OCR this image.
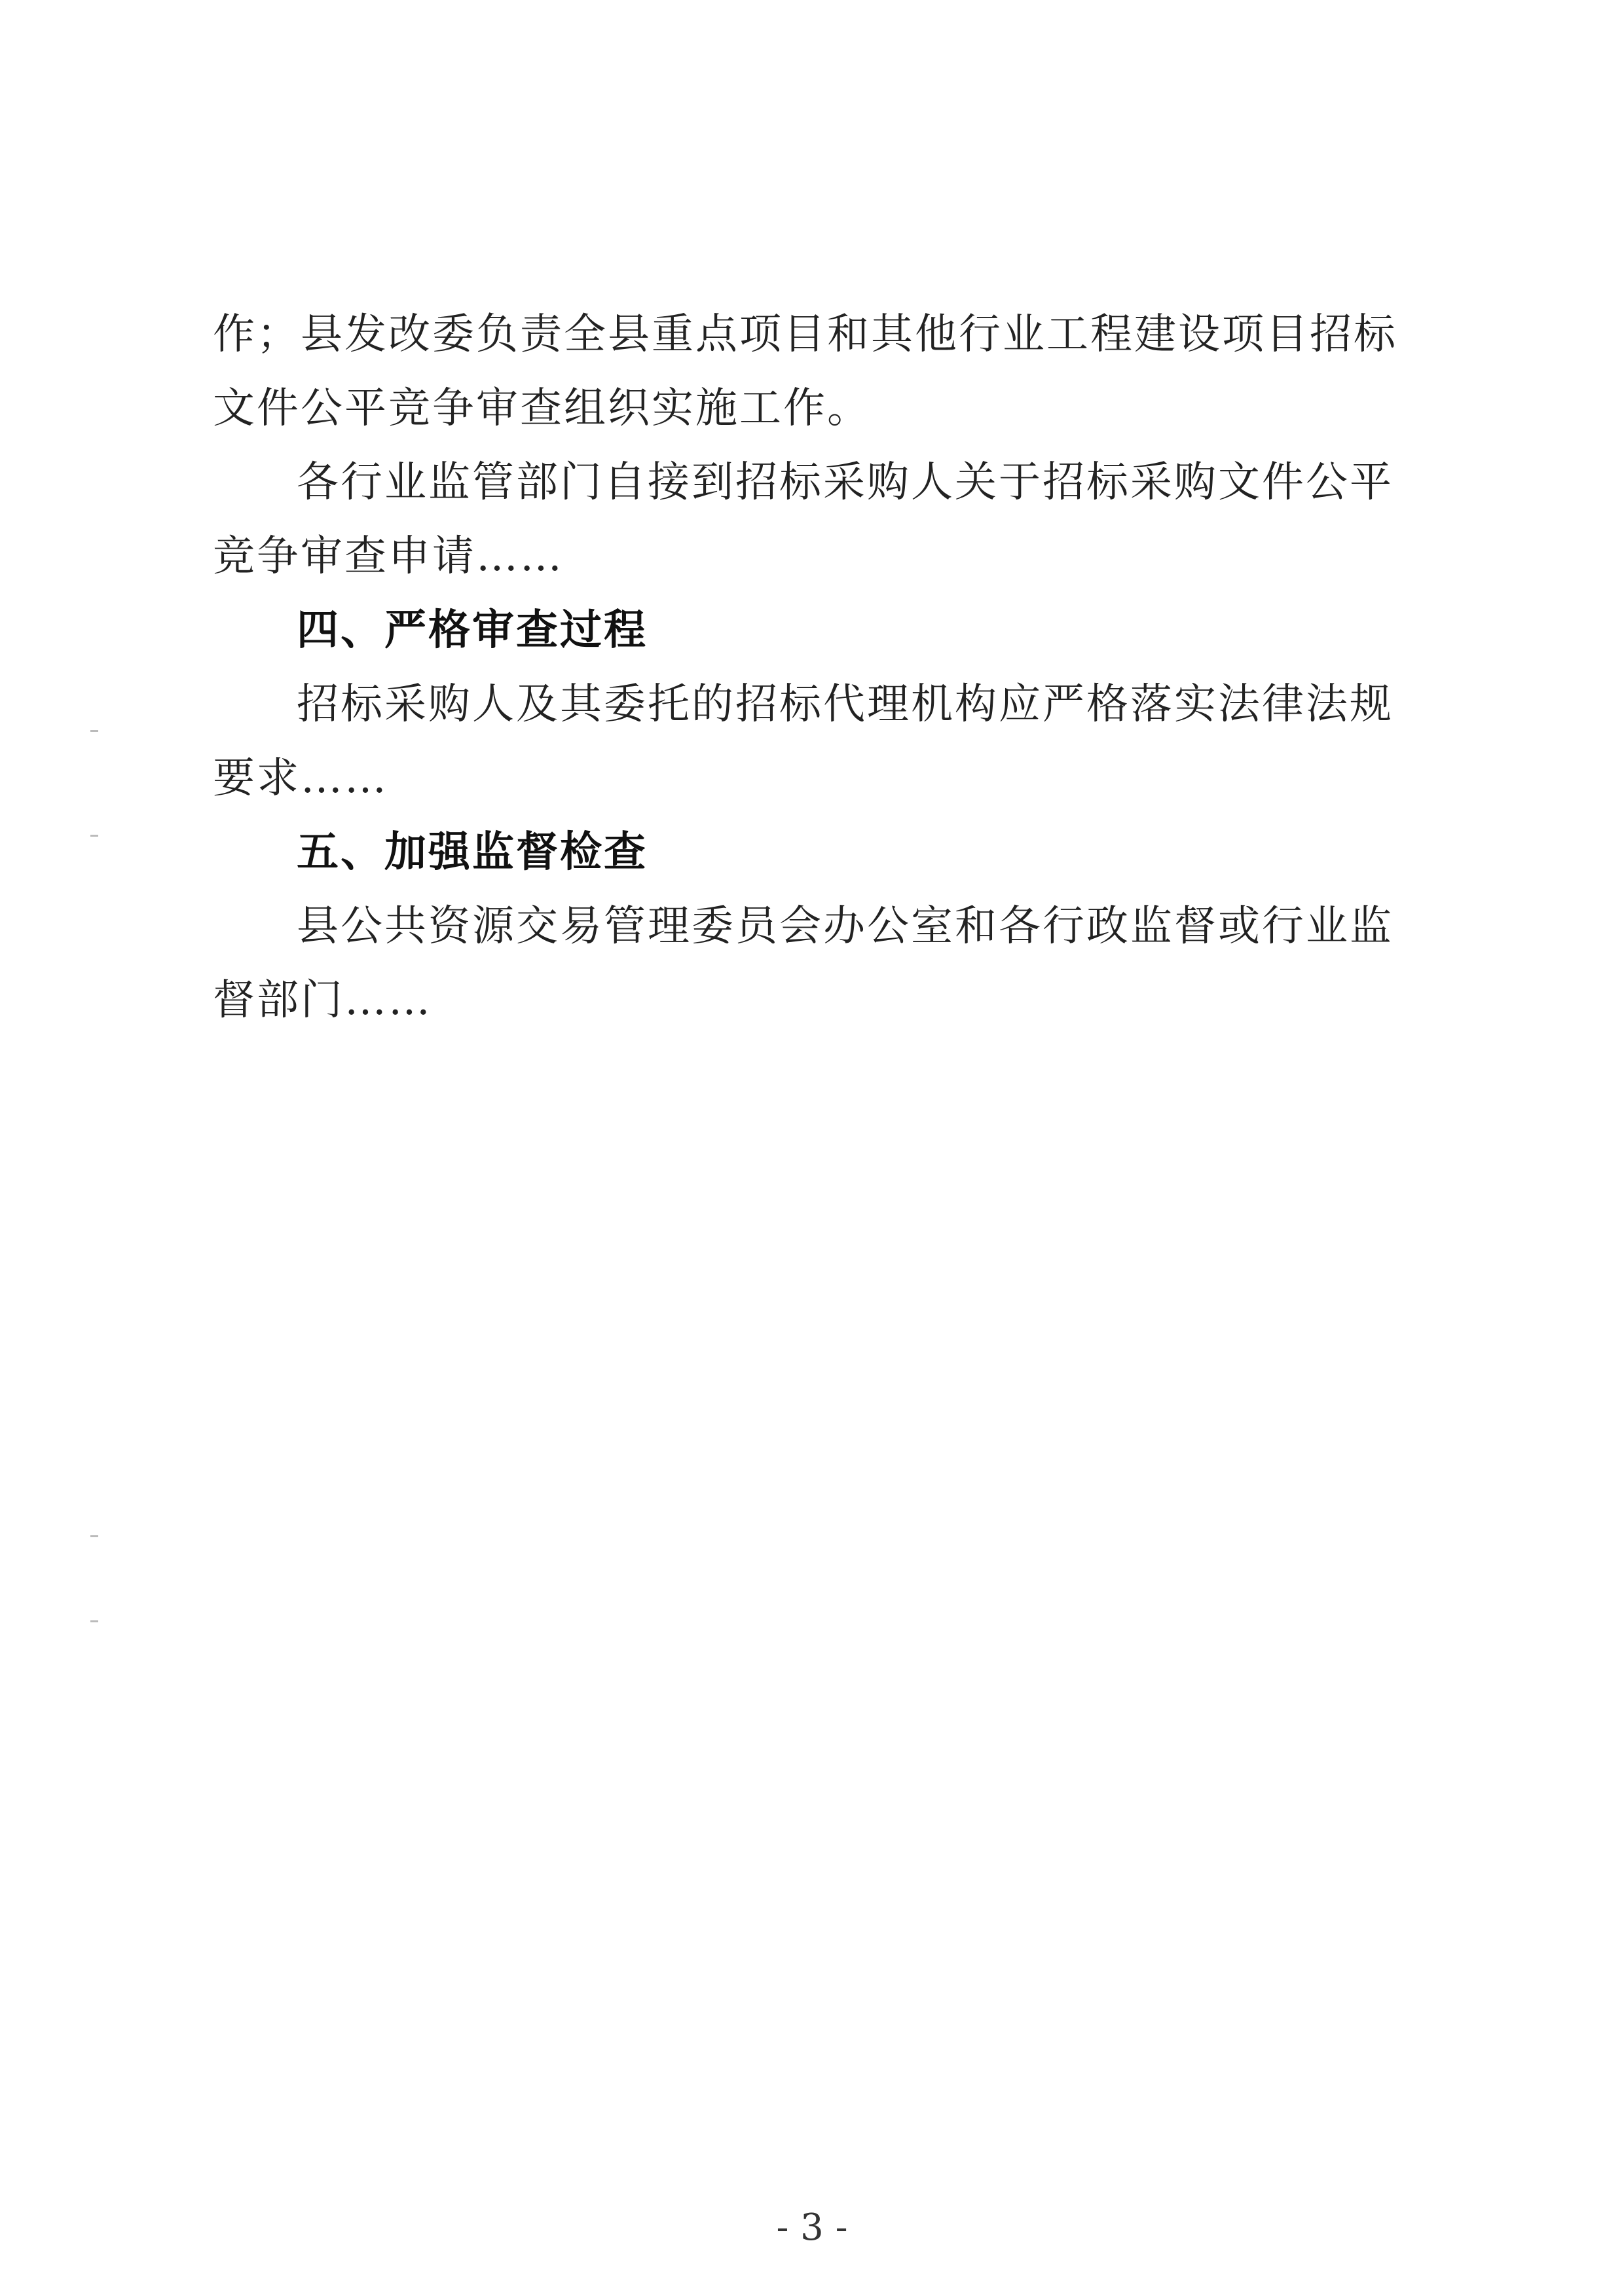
作；县发改委负责全县重点项目和其他行业工程建设项目招标文件公平竞争审查组织实施工作。

各行业监管部门自接到招标采购人关于招标采购文件公平竞争审查申请……

四、严格审查过程

招标采购人及其委托的招标代理机构应严格落实法律法规要求……

五、加强监督检查

县公共资源交易管理委员会办公室和各行政监督或行业监督部门……

- 3 -
